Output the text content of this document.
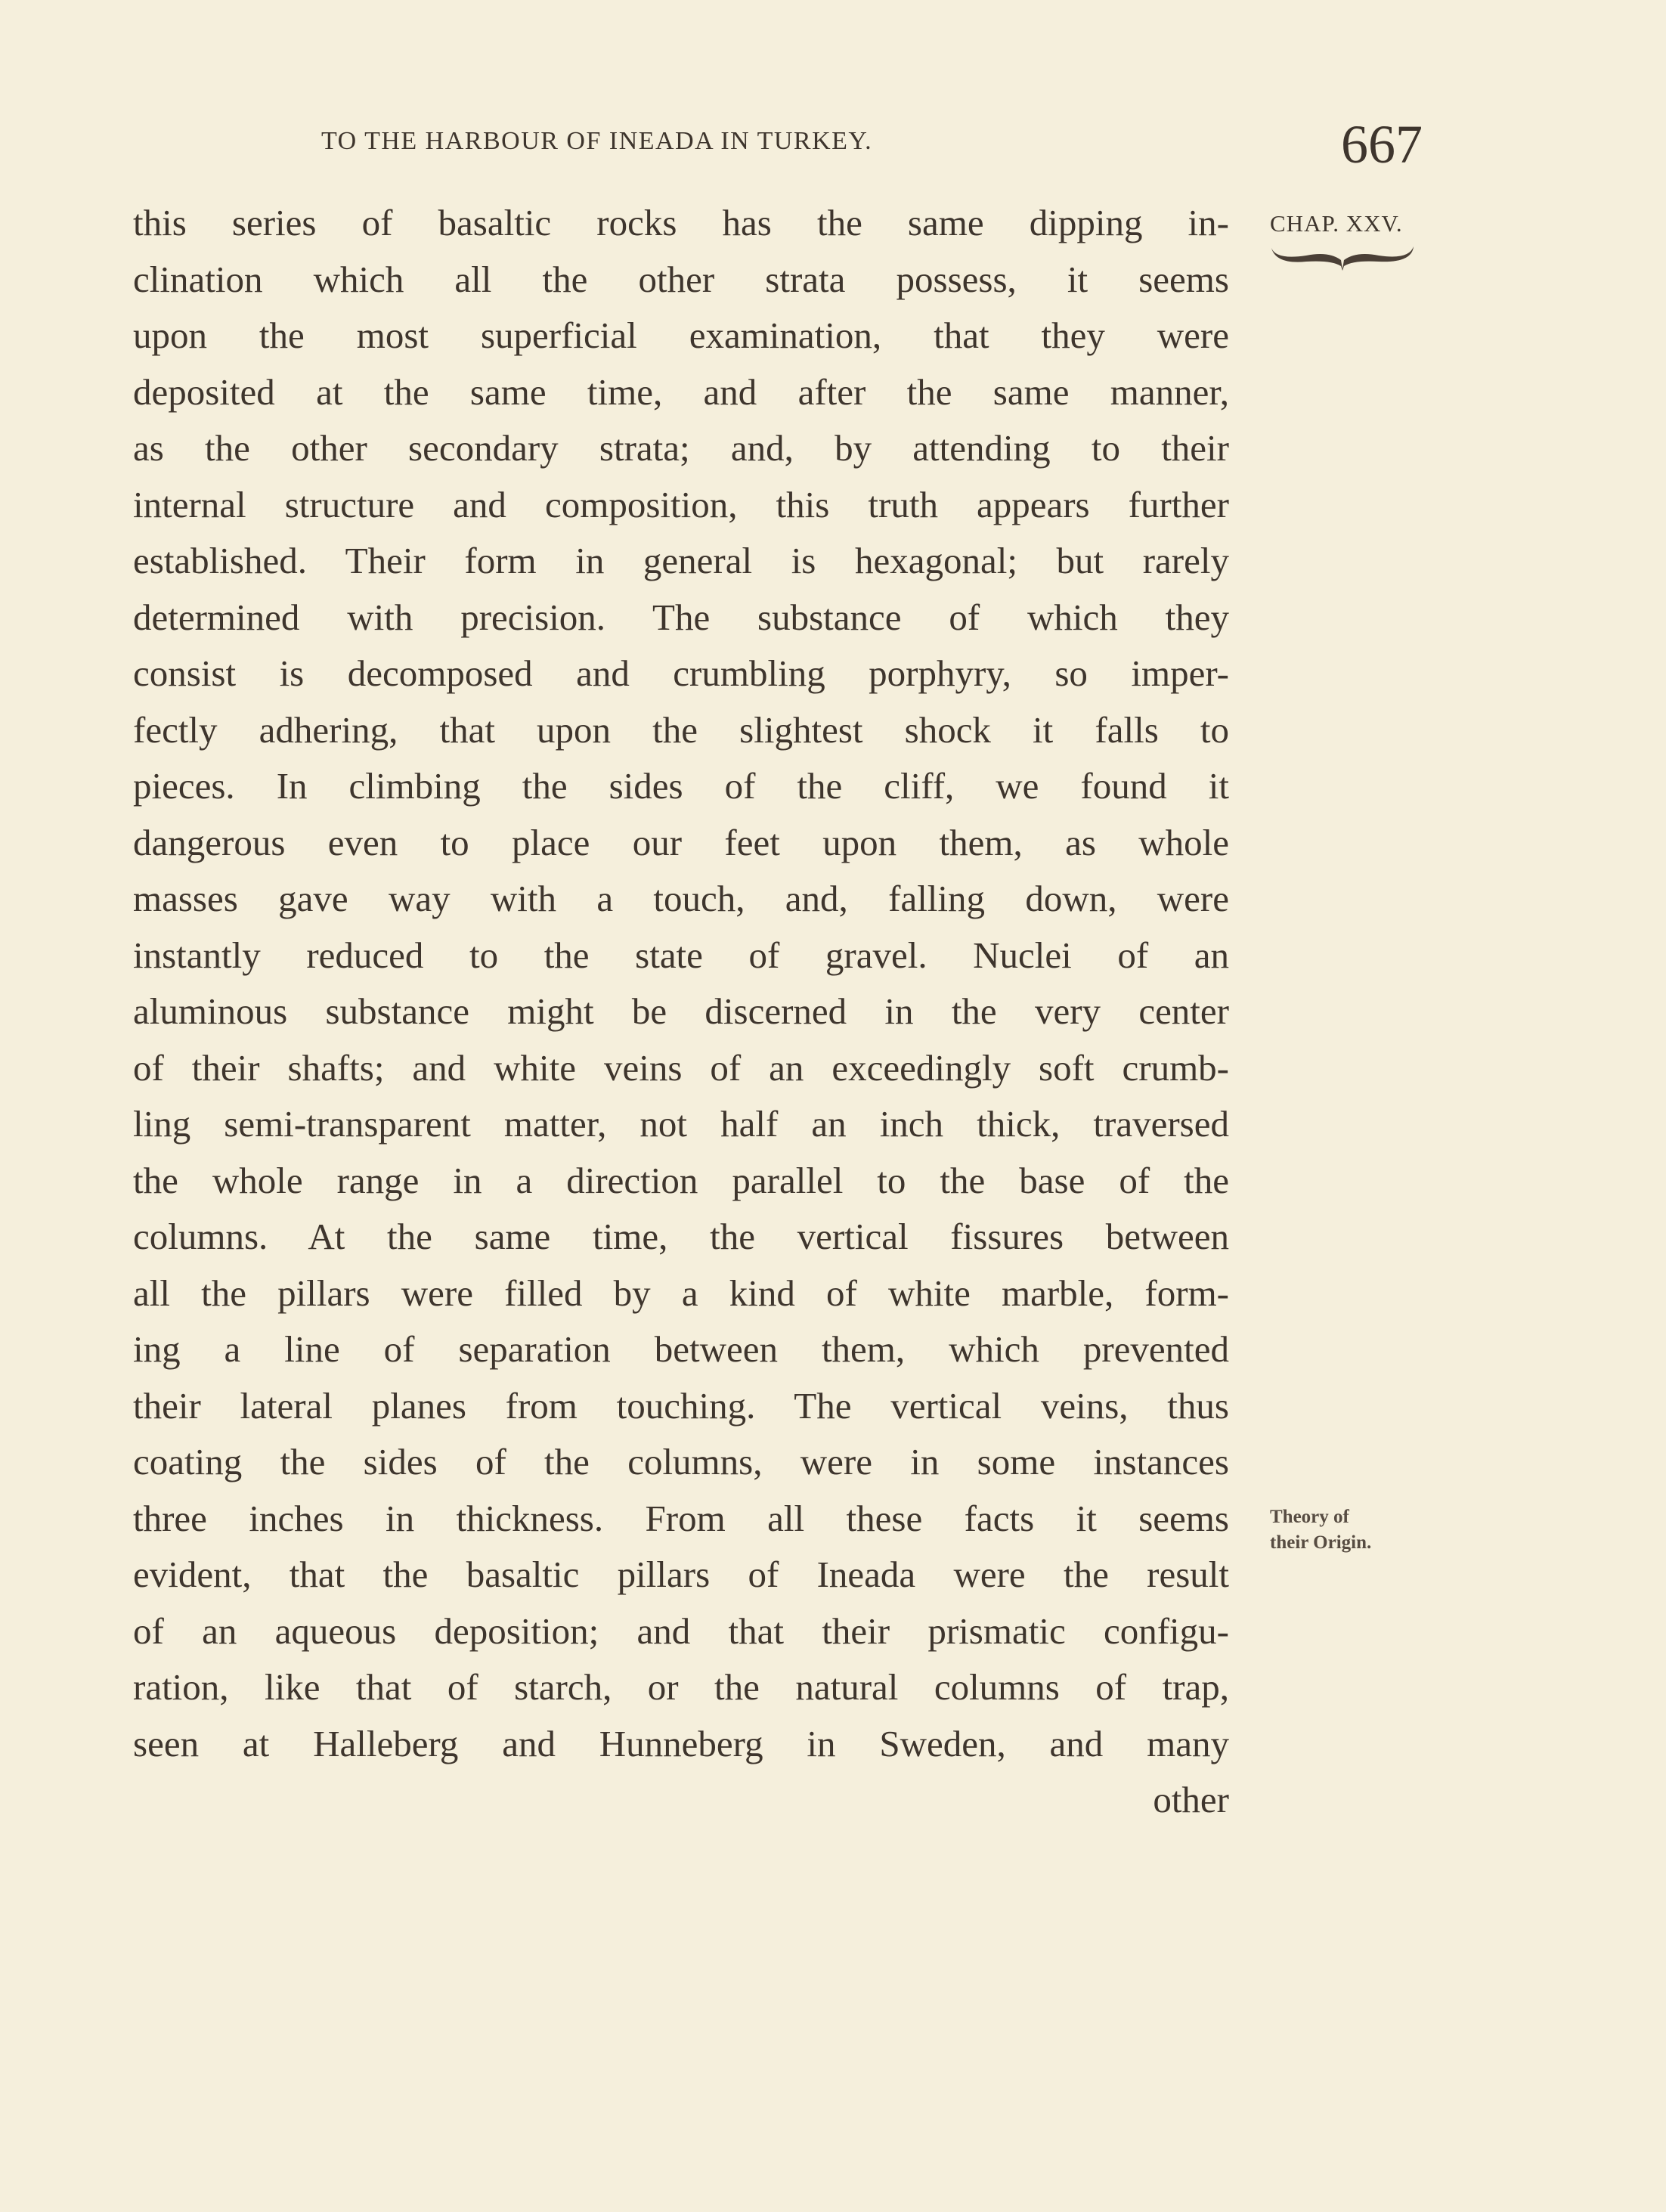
TO THE HARBOUR OF INEADA IN TURKEY.	667
CHAP. XXV.
Theory of
their Origin.
this series of basaltic rocks has the same dipping in-
clination which all the other strata possess, it seems
upon the most superficial examination, that they were
deposited at the same time, and after the same manner,
as the other secondary strata; and, by attending to their
internal structure and composition, this truth appears further
established. Their form in general is hexagonal; but rarely
determined with precision. The substance of which they
consist is decomposed and crumbling porphyry, so imper-
fectly adhering, that upon the slightest shock it falls to
pieces. In climbing the sides of the cliff, we found it
dangerous even to place our feet upon them, as whole
masses gave way with a touch, and, falling down, were
instantly reduced to the state of gravel. Nuclei of an
aluminous substance might be discerned in the very center
of their shafts; and white veins of an exceedingly soft crumb-
ling semi-transparent matter, not half an inch thick, traversed
the whole range in a direction parallel to the base of the
columns. At the same time, the vertical fissures between
all the pillars were filled by a kind of white marble, form-
ing a line of separation between them, which prevented
their lateral planes from touching. The vertical veins, thus
coating the sides of the columns, were in some instances
three inches in thickness. From all these facts it seems
evident, that the basaltic pillars of Ineada were the result
of an aqueous deposition; and that their prismatic configu-
ration, like that of starch, or the natural columns of trap,
seen at Halleberg and Hunneberg in Sweden, and many
other
